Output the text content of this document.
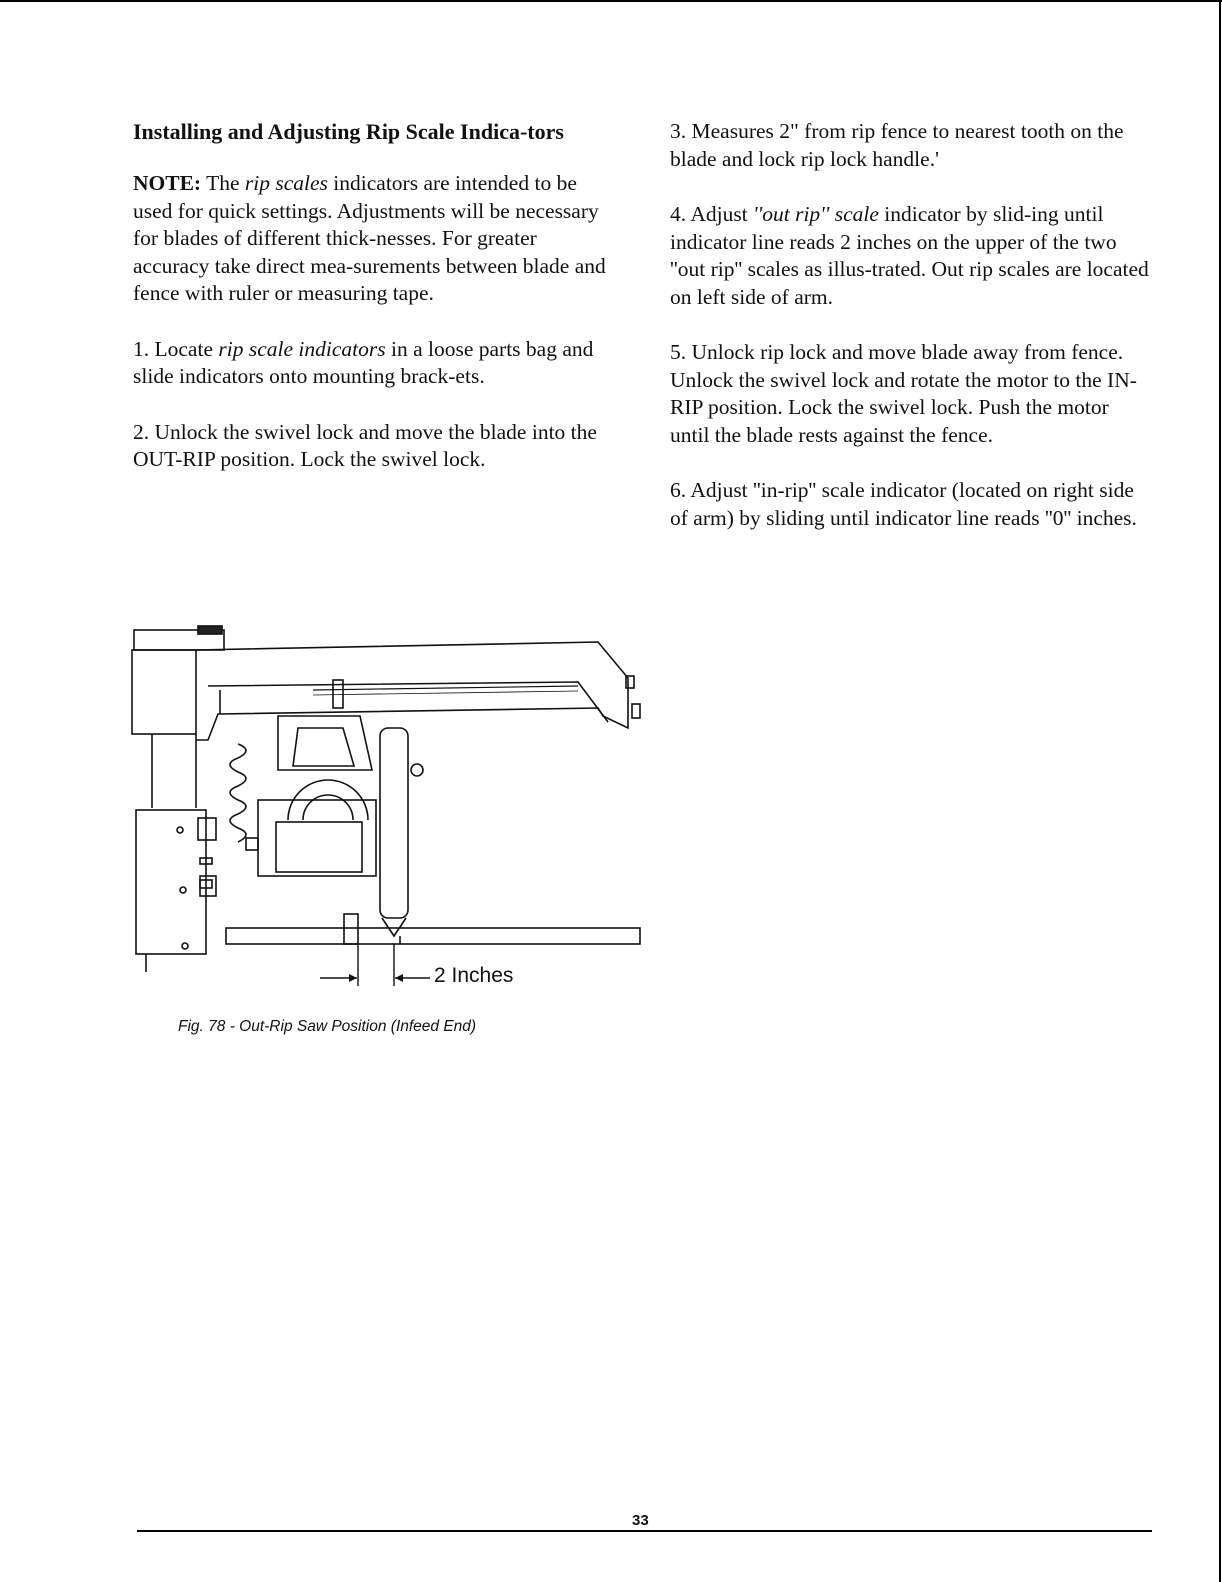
Installing and Adjusting Rip Scale Indica-tors

NOTE: The rip scales indicators are intended to be used for quick settings. Adjustments will be necessary for blades of different thick-nesses. For greater accuracy take direct mea-surements between blade and fence with ruler or measuring tape.

1. Locate rip scale indicators in a loose parts bag and slide indicators onto mounting brack-ets.

2. Unlock the swivel lock and move the blade into the OUT-RIP position. Lock the swivel lock.

3. Measures 2" from rip fence to nearest tooth on the blade and lock rip lock handle.'

4. Adjust ''out rip'' scale indicator by slid-ing until indicator line reads 2 inches on the upper of the two ''out rip'' scales as illus-trated. Out rip scales are located on left side of arm.

5. Unlock rip lock and move blade away from fence. Unlock the swivel lock and rotate the motor to the IN-RIP position. Lock the swivel lock. Push the motor until the blade rests against the fence.

6. Adjust ''in-rip'' scale indicator (located on right side of arm) by sliding until indicator line reads ''0'' inches.

2 Inches
Fig. 78 - Out-Rip Saw Position (Infeed End)
33
